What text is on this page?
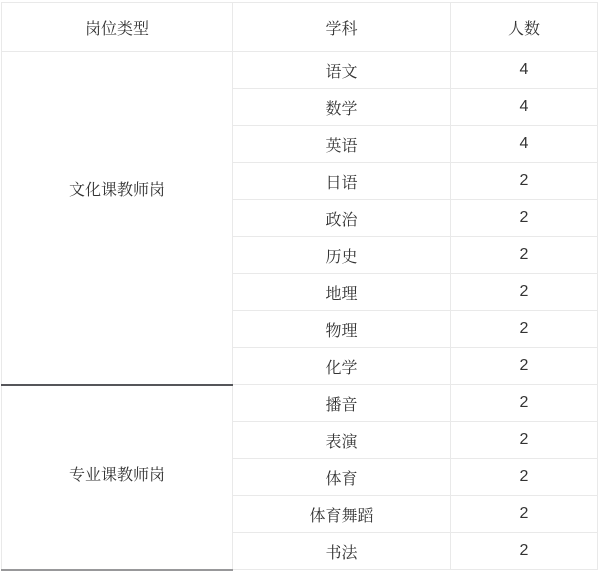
岗位类型	学科	人数
文化课教师岗	语文	4
	数学	4
	英语	4
	日语	2
	政治	2
	历史	2
	地理	2
	物理	2
	化学	2
专业课教师岗	播音	2
	表演	2
	体育	2
	体育舞蹈	2
	书法	2
